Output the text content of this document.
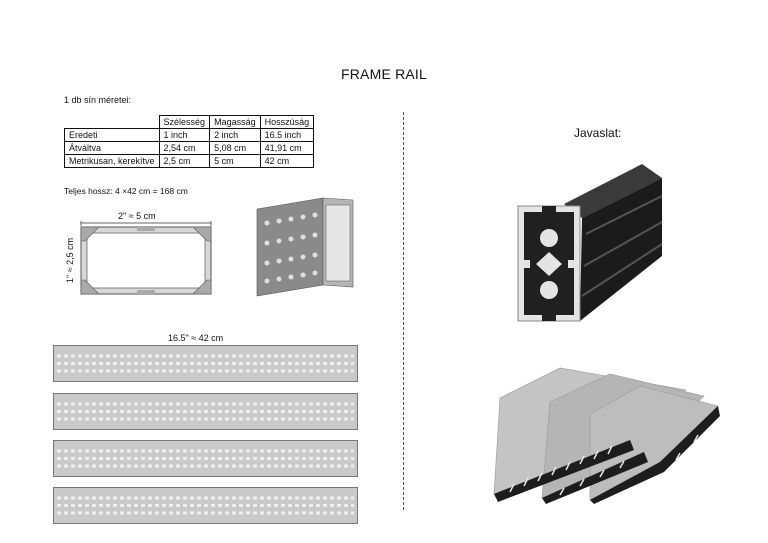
FRAME RAIL
1 db sín méretei:
	Szélesség	Magasság	Hosszúság
Eredeti	1 inch	2 inch	16.5 inch
Átváltva	2,54 cm	5,08 cm	41,91 cm
Metrikusan, kerekítve	2,5 cm	5 cm	42 cm
Teljes hossz: 4 ×42 cm = 168 cm
2" ≈ 5 cm
1" ≈ 2,5 cm
16.5" ≈ 42 cm
Javaslat:
